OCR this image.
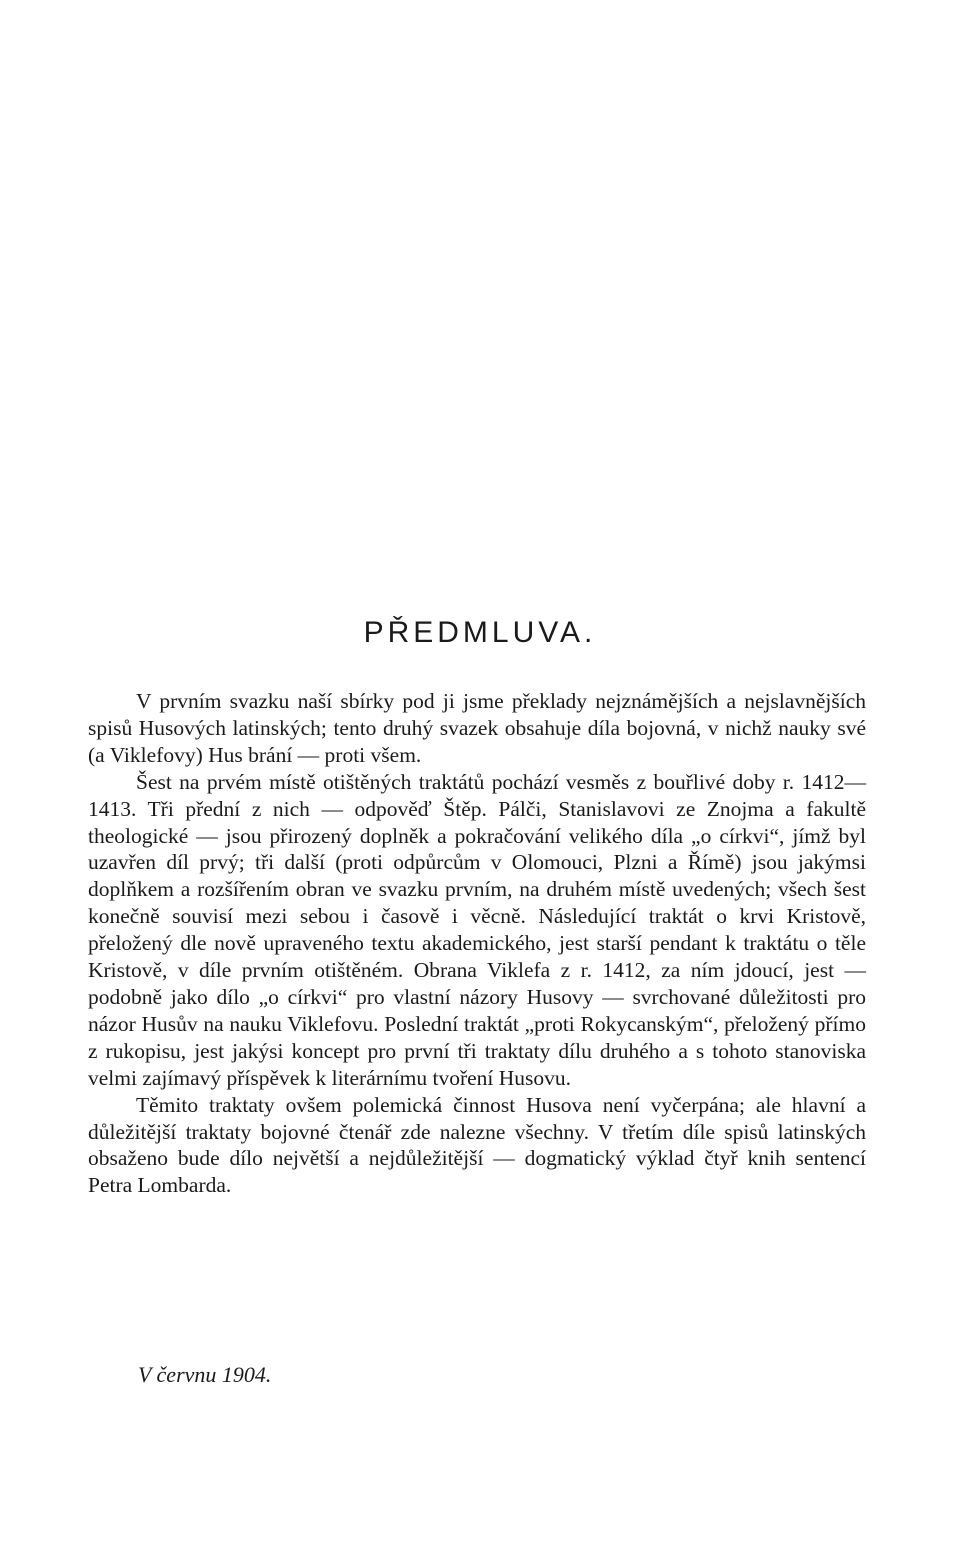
PŘEDMLUVA.

V prvním svazku naší sbírky pod ji jsme překlady nejznámějších a nejslavnějších spisů Husových latinských; tento druhý svazek obsahuje díla bojovná, v nichž nauky své (a Viklefovy) Hus brání — proti všem.

Šest na prvém místě otištěných traktátů pochází vesměs z bouřlivé doby r. 1412—1413. Tři přední z nich — odpověď Štěp. Pálči, Stanislavovi ze Znojma a fakultě theologické — jsou přirozený doplněk a pokračování velikého díla „o církvi“, jímž byl uzavřen díl prvý; tři další (proti odpůrcům v Olomouci, Plzni a Římě) jsou jakýmsi doplňkem a rozšířením obran ve svazku prvním, na druhém místě uvedených; všech šest konečně souvisí mezi sebou i časově i věcně. Následující traktát o krvi Kristově, přeložený dle nově upraveného textu akademického, jest starší pendant k traktátu o těle Kristově, v díle prvním otištěném. Obrana Viklefa z r. 1412, za ním jdoucí, jest — podobně jako dílo „o církvi“ pro vlastní názory Husovy — svrchované důležitosti pro názor Husův na nauku Viklefovu. Poslední traktát „proti Rokycanským“, přeložený přímo z rukopisu, jest jakýsi koncept pro první tři traktaty dílu druhého a s tohoto stanoviska velmi zajímavý příspěvek k literárnímu tvoření Husovu.

Těmito traktaty ovšem polemická činnost Husova není vyčerpána; ale hlavní a důležitější traktaty bojovné čtenář zde nalezne všechny. V třetím díle spisů latinských obsaženo bude dílo největší a nejdůležitější — dogmatický výklad čtyř knih sentencí Petra Lombarda.

V červnu 1904.
